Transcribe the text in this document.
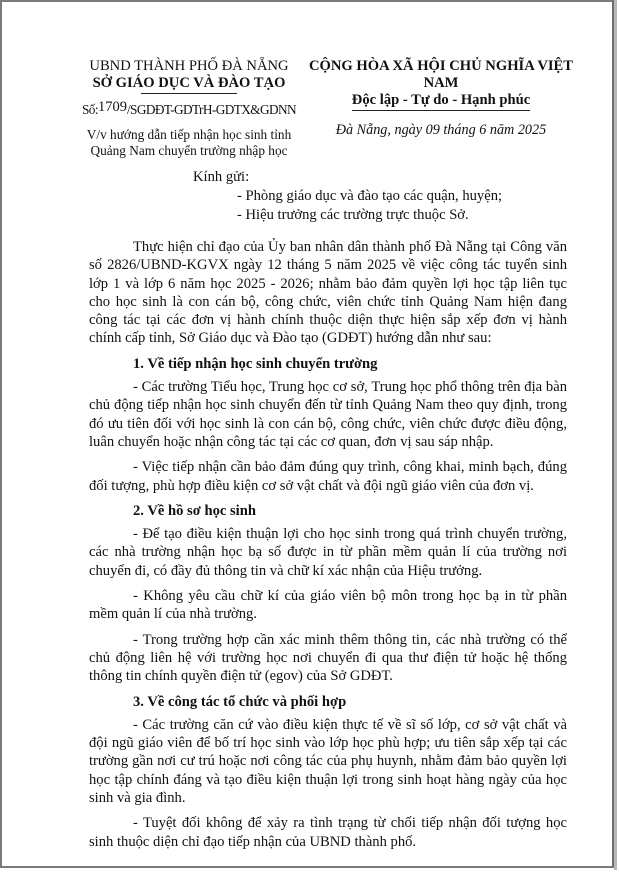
UBND THÀNH PHỐ ĐÀ NẴNG
SỞ GIÁO DỤC VÀ ĐÀO TẠO
Số:1709/SGDĐT-GDTrH-GDTX&GDNN
V/v hướng dẫn tiếp nhận học sinh tỉnh
Quảng Nam chuyển trường nhập học
CỘNG HÒA XÃ HỘI CHỦ NGHĨA VIỆT NAM
Độc lập - Tự do - Hạnh phúc
Đà Nẵng, ngày 09 tháng 6 năm 2025
Kính gửi:
- Phòng giáo dục và đào tạo các quận, huyện;
- Hiệu trưởng các trường trực thuộc Sở.

Thực hiện chỉ đạo của Ủy ban nhân dân thành phố Đà Nẵng tại Công văn số 2826/UBND-KGVX ngày 12 tháng 5 năm 2025 về việc công tác tuyển sinh lớp 1 và lớp 6 năm học 2025 - 2026; nhằm bảo đảm quyền lợi học tập liên tục cho học sinh là con cán bộ, công chức, viên chức tỉnh Quảng Nam hiện đang công tác tại các đơn vị hành chính thuộc diện thực hiện sắp xếp đơn vị hành chính cấp tỉnh, Sở Giáo dục và Đào tạo (GDĐT) hướng dẫn như sau:

1. Về tiếp nhận học sinh chuyển trường

- Các trường Tiểu học, Trung học cơ sở, Trung học phổ thông trên địa bàn chủ động tiếp nhận học sinh chuyển đến từ tỉnh Quảng Nam theo quy định, trong đó ưu tiên đối với học sinh là con cán bộ, công chức, viên chức được điều động, luân chuyển hoặc nhận công tác tại các cơ quan, đơn vị sau sáp nhập.

- Việc tiếp nhận cần bảo đảm đúng quy trình, công khai, minh bạch, đúng đối tượng, phù hợp điều kiện cơ sở vật chất và đội ngũ giáo viên của đơn vị.

2. Về hồ sơ học sinh

- Để tạo điều kiện thuận lợi cho học sinh trong quá trình chuyển trường, các nhà trường nhận học bạ số được in từ phần mềm quản lí của trường nơi chuyển đi, có đầy đủ thông tin và chữ kí xác nhận của Hiệu trưởng.

- Không yêu cầu chữ kí của giáo viên bộ môn trong học bạ in từ phần mềm quản lí của nhà trường.

- Trong trường hợp cần xác minh thêm thông tin, các nhà trường có thể chủ động liên hệ với trường học nơi chuyển đi qua thư điện tử hoặc hệ thống thông tin chính quyền điện tử (egov) của Sở GDĐT.

3. Về công tác tổ chức và phối hợp

- Các trường căn cứ vào điều kiện thực tế về sĩ số lớp, cơ sở vật chất và đội ngũ giáo viên để bố trí học sinh vào lớp học phù hợp; ưu tiên sắp xếp tại các trường gần nơi cư trú hoặc nơi công tác của phụ huynh, nhằm đảm bảo quyền lợi học tập chính đáng và tạo điều kiện thuận lợi trong sinh hoạt hàng ngày của học sinh và gia đình.

- Tuyệt đối không để xảy ra tình trạng từ chối tiếp nhận đối tượng học sinh thuộc diện chỉ đạo tiếp nhận của UBND thành phố.
